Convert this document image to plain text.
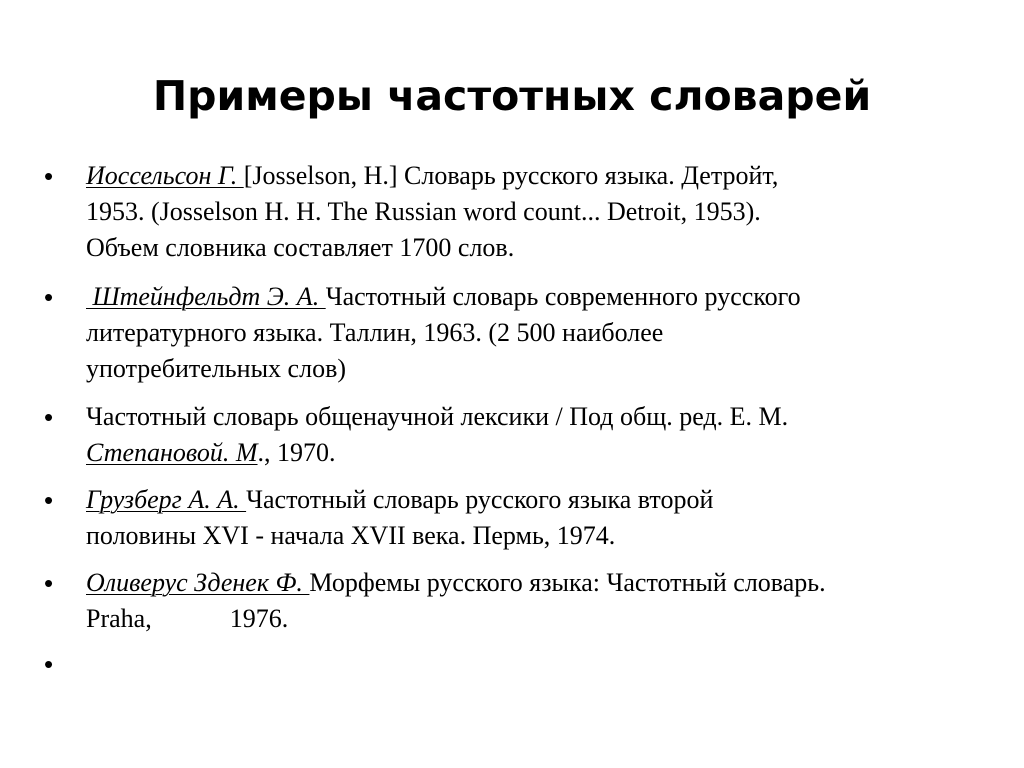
Примеры частотных словарей
•	Иоссельсон Г. [Josselson, H.] Словарь русского языка. Детройт,
1953. (Josselson H. H. The Russian word count... Detroit, 1953).
Объем словника составляет 1700 слов.
•	Штейнфельдт Э. А. Частотный словарь современного русского
литературного языка. Таллин, 1963. (2 500 наиболее
употребительных слов)
•	Частотный словарь общенаучной лексики / Под общ. ред. Е. М.
Степановой. М., 1970.
•	Грузберг А. А. Частотный словарь русского языка второй
половины XVI - начала XVII века. Пермь, 1974.
•	Оливерус Зденек Ф. Морфемы русского языка: Частотный словарь.
Praha,            1976.
•
